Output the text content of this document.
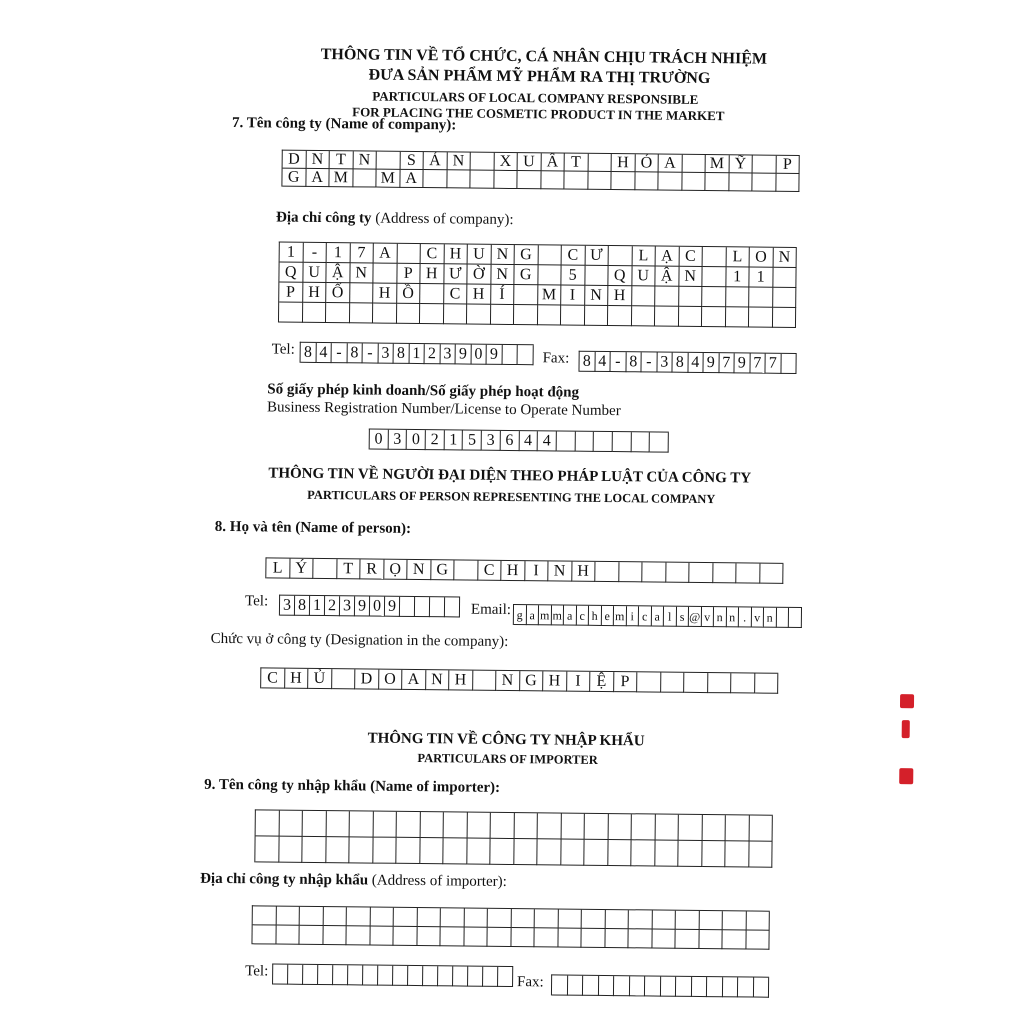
THÔNG TIN VỀ TỔ CHỨC, CÁ NHÂN CHỊU TRÁCH NHIỆM
ĐƯA SẢN PHẨM MỸ PHẨM RA THỊ TRƯỜNG
PARTICULARS OF LOCAL COMPANY RESPONSIBLE
FOR PLACING THE COSMETIC PRODUCT IN THE MARKET
7. Tên công ty (Name of company):
D N T N	S Ả N	X U Ấ T	H Ó A	M Ỹ	P
G A M	M A
Địa chỉ công ty (Address of company):
1	-	1 7 A	C H U N G	C Ư	L Ạ C	L O N
Q U Ậ N	P H Ư Ờ N G	5	Q U Ậ N	1 1
P H Ố	H Ồ	C H Í	M I N H
Tel: 8 4 - 8 - 3 8 1 2 3 9 0 9	Fax: 8 4 - 8 - 3 8 4 9 7 9 7 7
Số giấy phép kinh doanh/Số giấy phép hoạt động
Business Registration Number/License to Operate Number
0 3 0 2 1 5 3 6 4 4
THÔNG TIN VỀ NGƯỜI ĐẠI DIỆN THEO PHÁP LUẬT CỦA CÔNG TY
PARTICULARS OF PERSON REPRESENTING THE LOCAL COMPANY
8. Họ và tên (Name of person):
L Ý	T R Ọ N G	C H I N H
Tel: 3 8 1 2 3 9 0 9	Email: g a m m a c h e m i c a l s @ v n n . v n
Chức vụ ở công ty (Designation in the company):
C H Ủ	D O A N H	N G H I Ệ P
THÔNG TIN VỀ CÔNG TY NHẬP KHẨU
PARTICULARS OF IMPORTER
9. Tên công ty nhập khẩu (Name of importer):
Địa chỉ công ty nhập khẩu (Address of importer):
Tel:
Fax:
